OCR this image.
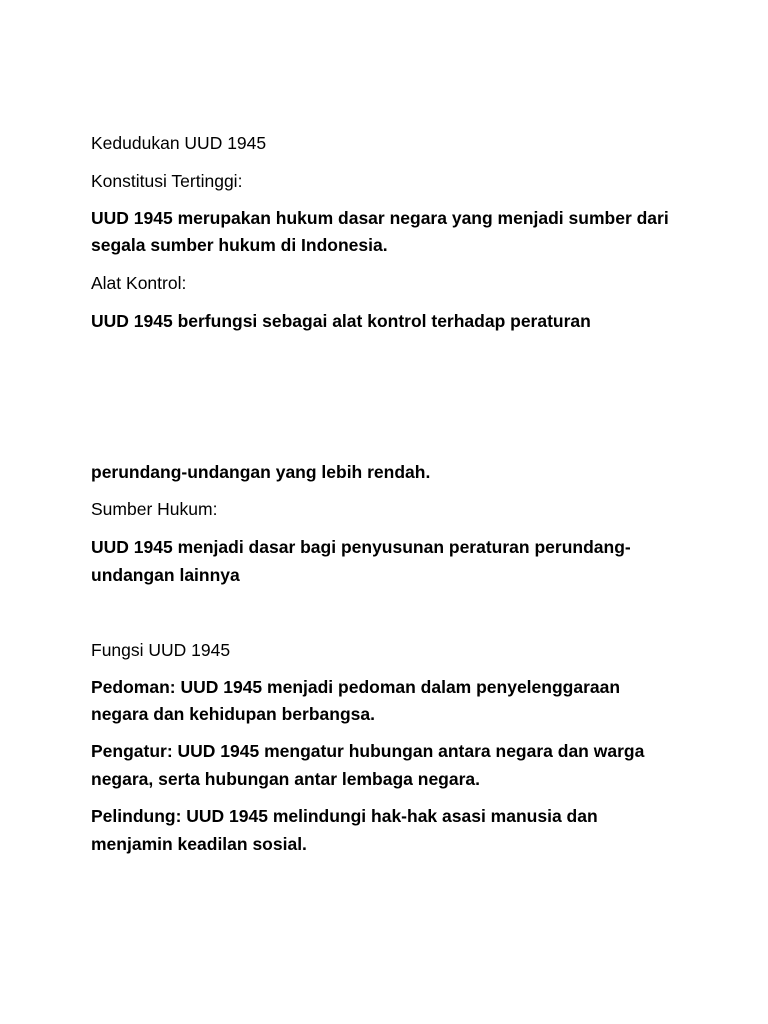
Kedudukan UUD 1945
Konstitusi Tertinggi:
UUD 1945 merupakan hukum dasar negara yang menjadi sumber dari
segala sumber hukum di Indonesia.
Alat Kontrol:
UUD 1945 berfungsi sebagai alat kontrol terhadap peraturan
perundang-undangan yang lebih rendah.
Sumber Hukum:
UUD 1945 menjadi dasar bagi penyusunan peraturan perundang-
undangan lainnya
Fungsi UUD 1945
Pedoman: UUD 1945 menjadi pedoman dalam penyelenggaraan
negara dan kehidupan berbangsa.
Pengatur: UUD 1945 mengatur hubungan antara negara dan warga
negara, serta hubungan antar lembaga negara.
Pelindung: UUD 1945 melindungi hak-hak asasi manusia dan
menjamin keadilan sosial.
